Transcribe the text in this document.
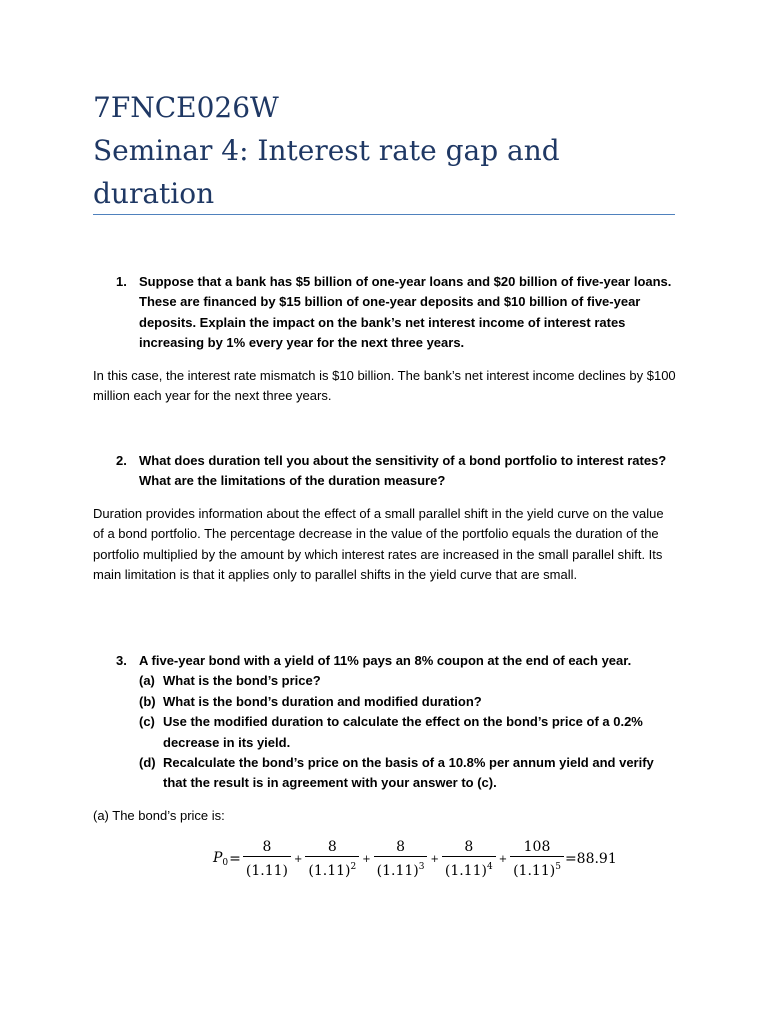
7FNCE026W
Seminar 4: Interest rate gap and
duration
1. Suppose that a bank has $5 billion of one-year loans and $20 billion of five-year loans. These are financed by $15 billion of one-year deposits and $10 billion of five-year deposits. Explain the impact on the bank’s net interest income of interest rates increasing by 1% every year for the next three years.
In this case, the interest rate mismatch is $10 billion. The bank’s net interest income declines by $100 million each year for the next three years.
2. What does duration tell you about the sensitivity of a bond portfolio to interest rates? What are the limitations of the duration measure?
Duration provides information about the effect of a small parallel shift in the yield curve on the value of a bond portfolio. The percentage decrease in the value of the portfolio equals the duration of the portfolio multiplied by the amount by which interest rates are increased in the small parallel shift. Its main limitation is that it applies only to parallel shifts in the yield curve that are small.
3. A five-year bond with a yield of 11% pays an 8% coupon at the end of each year.
(a) What is the bond’s price?
(b) What is the bond’s duration and modified duration?
(c) Use the modified duration to calculate the effect on the bond’s price of a 0.2% decrease in its yield.
(d) Recalculate the bond’s price on the basis of a 10.8% per annum yield and verify that the result is in agreement with your answer to (c).
(a) The bond’s price is:
$P_0 = \frac{8}{(1.11)} + \frac{8}{(1.11)^2} + \frac{8}{(1.11)^3} + \frac{8}{(1.11)^4} + \frac{108}{(1.11)^5} =88.91$
